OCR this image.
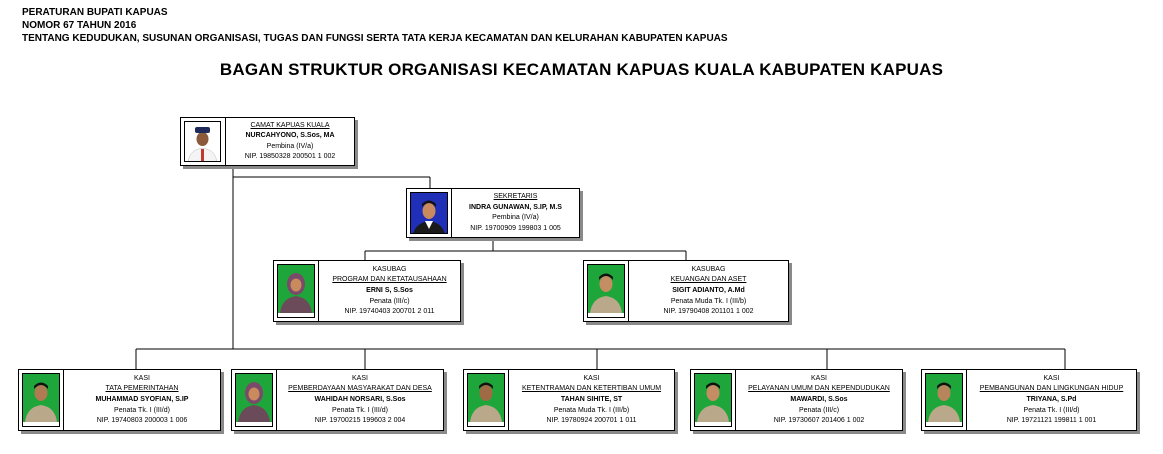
PERATURAN BUPATI KAPUAS
NOMOR 67 TAHUN 2016
TENTANG KEDUDUKAN, SUSUNAN ORGANISASI, TUGAS DAN FUNGSI SERTA TATA KERJA KECAMATAN DAN KELURAHAN KABUPATEN KAPUAS
BAGAN STRUKTUR ORGANISASI KECAMATAN KAPUAS KUALA KABUPATEN KAPUAS
CAMAT KAPUAS KUALA
NURCAHYONO, S.Sos, MA
Pembina (IV/a)
NIP. 19850328 200501 1 002
SEKRETARIS
INDRA GUNAWAN, S.IP, M.S
Pembina (IV/a)
NIP. 19700909 199803 1 005
KASUBAG
PROGRAM DAN KETATAUSAHAAN
ERNI S, S.Sos
Penata (III/c)
NIP. 19740403 200701 2 011
KASUBAG
KEUANGAN DAN ASET
SIGIT ADIANTO, A.Md
Penata Muda Tk. I (III/b)
NIP. 19790408 201101 1 002
KASI
TATA PEMERINTAHAN
MUHAMMAD SYOFIAN, S.IP
Penata Tk. I (III/d)
NIP. 19740803 200003 1 006
KASI
PEMBERDAYAAN MASYARAKAT DAN DESA
WAHIDAH NORSARI, S.Sos
Penata Tk. I (III/d)
NIP. 19700215 199603 2 004
KASI
KETENTRAMAN DAN KETERTIBAN UMUM
TAHAN SIHITE, ST
Penata Muda Tk. I (III/b)
NIP. 19780924 200701 1 011
KASI
PELAYANAN UMUM DAN KEPENDUDUKAN
MAWARDI, S.Sos
Penata (III/c)
NIP. 19730607 201406 1 002
KASI
PEMBANGUNAN DAN LINGKUNGAN HIDUP
TRIYANA, S.Pd
Penata Tk. I (III/d)
NIP. 19721121 199811 1 001
